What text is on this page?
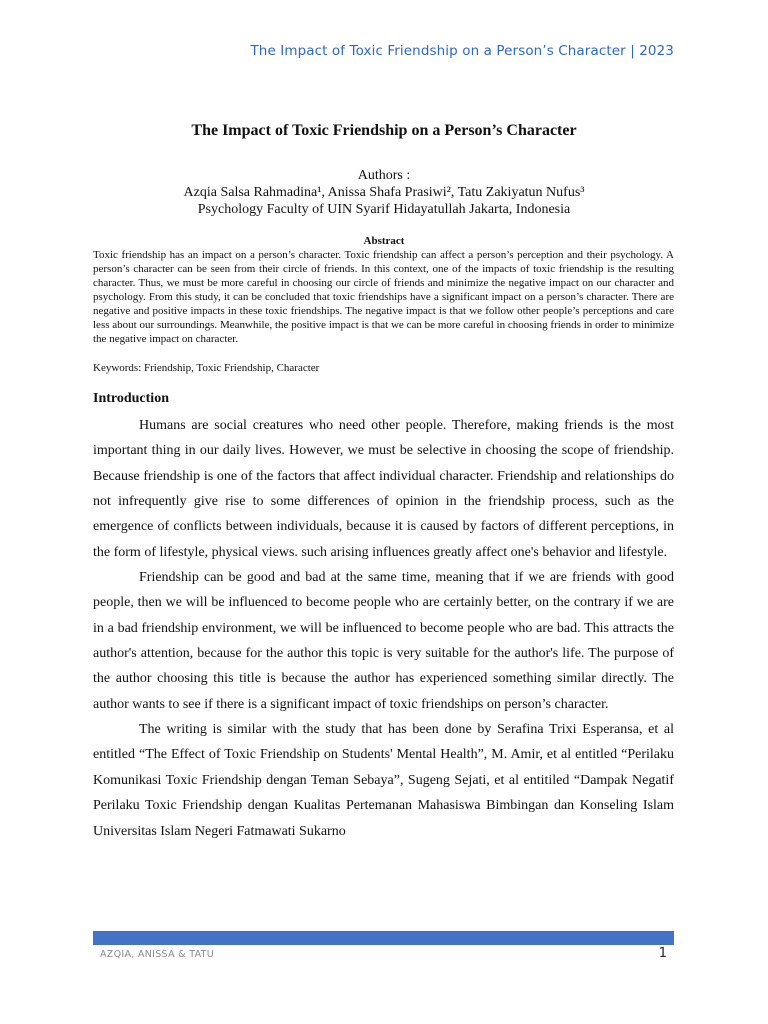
The Impact of Toxic Friendship on a Person’s Character | 2023
The Impact of Toxic Friendship on a Person’s Character
Authors :
Azqia Salsa Rahmadina¹, Anissa Shafa Prasiwi², Tatu Zakiyatun Nufus³
Psychology Faculty of UIN Syarif Hidayatullah Jakarta, Indonesia
Abstract

Toxic friendship has an impact on a person’s character. Toxic friendship can affect a person’s perception and their psychology. A person’s character can be seen from their circle of friends. In this context, one of the impacts of toxic friendship is the resulting character. Thus, we must be more careful in choosing our circle of friends and minimize the negative impact on our character and psychology. From this study, it can be concluded that toxic friendships have a significant impact on a person’s character. There are negative and positive impacts in these toxic friendships. The negative impact is that we follow other people’s perceptions and care less about our surroundings. Meanwhile, the positive impact is that we can be more careful in choosing friends in order to minimize the negative impact on character.

Keywords: Friendship, Toxic Friendship, Character
Introduction

Humans are social creatures who need other people. Therefore, making friends is the most important thing in our daily lives. However, we must be selective in choosing the scope of friendship. Because friendship is one of the factors that affect individual character. Friendship and relationships do not infrequently give rise to some differences of opinion in the friendship process, such as the emergence of conflicts between individuals, because it is caused by factors of different perceptions, in the form of lifestyle, physical views. such arising influences greatly affect one's behavior and lifestyle.

Friendship can be good and bad at the same time, meaning that if we are friends with good people, then we will be influenced to become people who are certainly better, on the contrary if we are in a bad friendship environment, we will be influenced to become people who are bad. This attracts the author's attention, because for the author this topic is very suitable for the author's life. The purpose of the author choosing this title is because the author has experienced something similar directly. The author wants to see if there is a significant impact of toxic friendships on person’s character.

The writing is similar with the study that has been done by Serafina Trixi Esperansa, et al entitled “The Effect of Toxic Friendship on Students' Mental Health”, M. Amir, et al entitled “Perilaku Komunikasi Toxic Friendship dengan Teman Sebaya”, Sugeng Sejati, et al entitiled “Dampak Negatif Perilaku Toxic Friendship dengan Kualitas Pertemanan Mahasiswa Bimbingan dan Konseling Islam Universitas Islam Negeri Fatmawati Sukarno

AZQIA, ANISSA & TATU	1
